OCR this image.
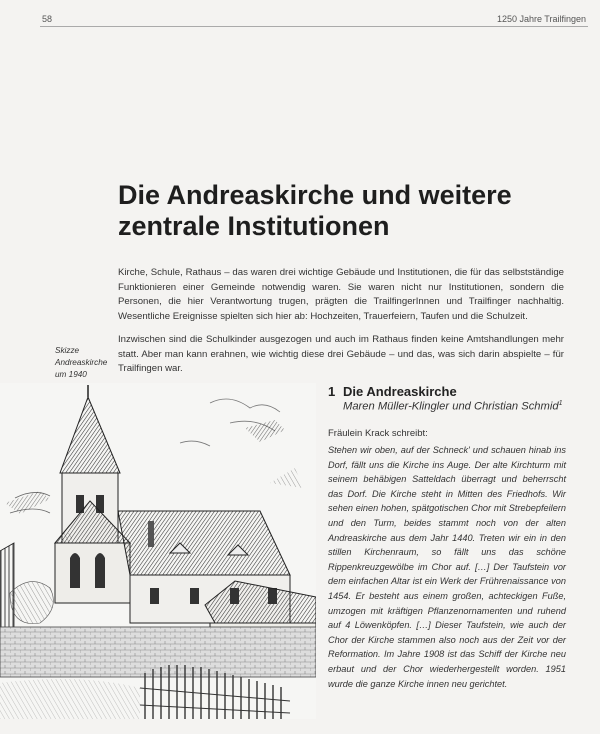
58	1250 Jahre Trailfingen
Die Andreaskirche und weitere zentrale Institutionen

Kirche, Schule, Rathaus – das waren drei wichtige Gebäude und Institutionen, die für das selbstständige Funktionieren einer Gemeinde notwendig waren. Sie waren nicht nur Institutionen, sondern die Personen, die hier Verantwortung trugen, prägten die TrailfingerInnen und Trailfinger nachhaltig. Wesentliche Ereignisse spielten sich hier ab: Hochzeiten, Trauerfeiern, Taufen und die Schulzeit.

Inzwischen sind die Schulkinder ausgezogen und auch im Rathaus finden keine Amtshandlungen mehr statt. Aber man kann erahnen, wie wichtig diese drei Gebäude – und das, was sich darin abspielte – für Trailfingen war.

Skizze Andreaskirche um 1940
1 Die Andreaskirche
Maren Müller-Klingler und Christian Schmid$^1$
Fräulein Krack schreibt:

Stehen wir oben, auf der Schneck' und schauen hinab ins Dorf, fällt uns die Kirche ins Auge. Der alte Kirchturm mit seinem behäbigen Satteldach überragt und beherrscht das Dorf. Die Kirche steht in Mitten des Friedhofs. Wir sehen einen hohen, spätgotischen Chor mit Strebepfeilern und den Turm, beides stammt noch von der alten Andreaskirche aus dem Jahr 1440. Treten wir ein in den stillen Kirchenraum, so fällt uns das schöne Rippenkreuzgewölbe im Chor auf. […] Der Taufstein vor dem einfachen Altar ist ein Werk der Frührenaissance von 1454. Er besteht aus einem großen, achteckigen Fuße, umzogen mit kräftigen Pflanzenornamenten und ruhend auf 4 Löwenköpfen. […] Dieser Taufstein, wie auch der Chor der Kirche stammen also noch aus der Zeit vor der Reformation. Im Jahre 1908 ist das Schiff der Kirche neu erbaut und der Chor wiederhergestellt worden. 1951 wurde die ganze Kirche innen neu gerichtet.
